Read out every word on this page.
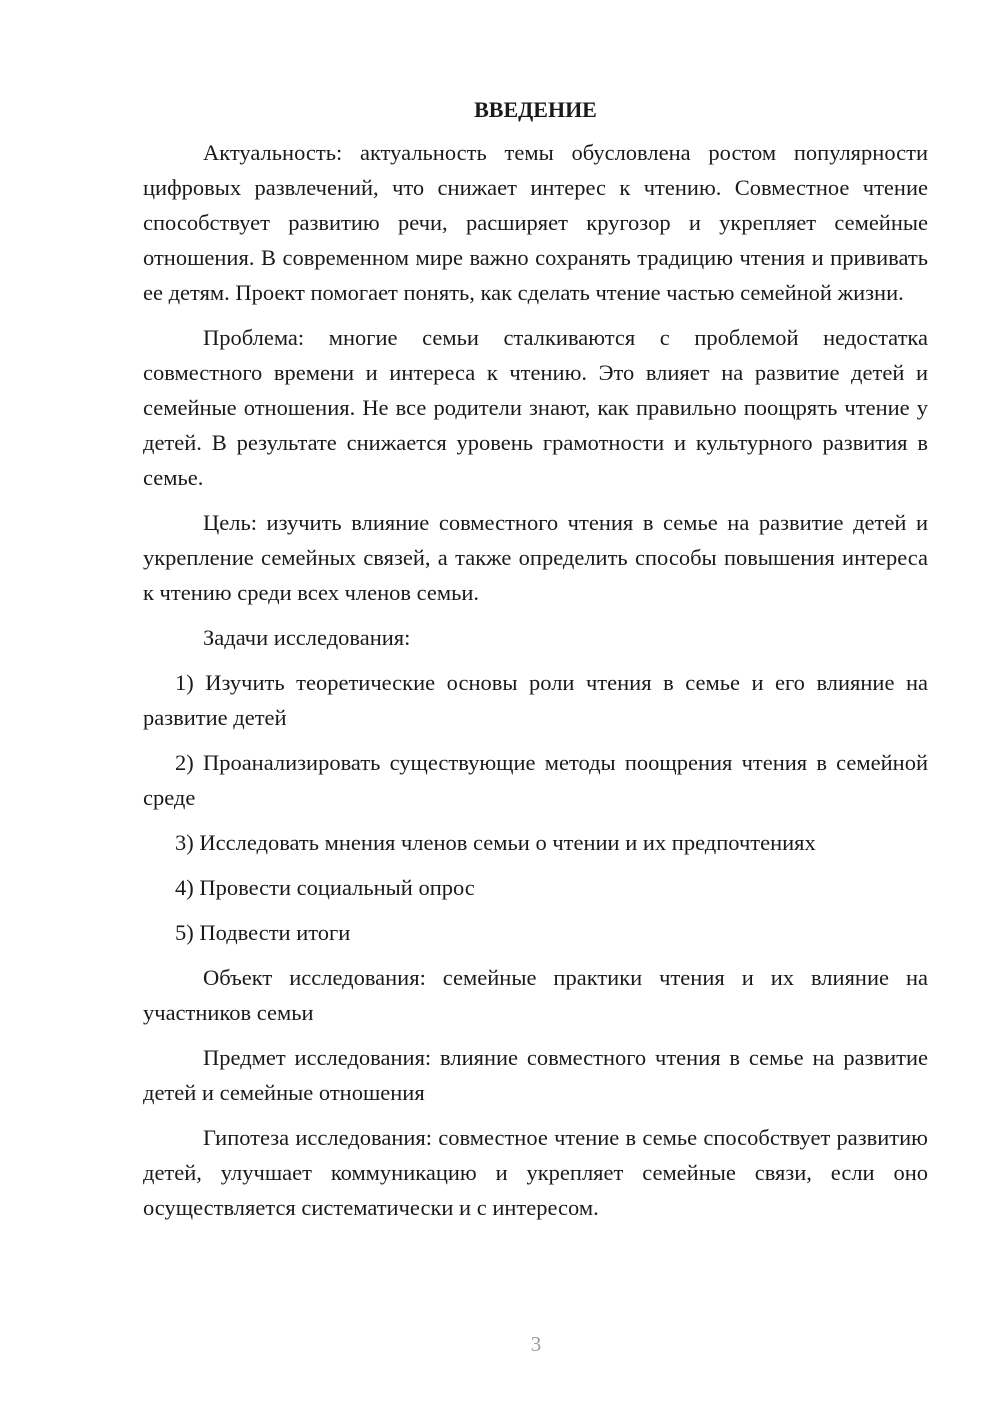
ВВЕДЕНИЕ

Актуальность: актуальность темы обусловлена ростом популярности цифровых развлечений, что снижает интерес к чтению. Совместное чтение способствует развитию речи, расширяет кругозор и укрепляет семейные отношения. В современном мире важно сохранять традицию чтения и прививать ее детям. Проект помогает понять, как сделать чтение частью семейной жизни.

Проблема: многие семьи сталкиваются с проблемой недостатка совместного времени и интереса к чтению. Это влияет на развитие детей и семейные отношения. Не все родители знают, как правильно поощрять чтение у детей. В результате снижается уровень грамотности и культурного развития в семье.

Цель: изучить влияние совместного чтения в семье на развитие детей и укрепление семейных связей, а также определить способы повышения интереса к чтению среди всех членов семьи.

Задачи исследования:

1) Изучить теоретические основы роли чтения в семье и его влияние на развитие детей

2) Проанализировать существующие методы поощрения чтения в семейной среде

3) Исследовать мнения членов семьи о чтении и их предпочтениях

4) Провести социальный опрос

5) Подвести итоги

Объект исследования: семейные практики чтения и их влияние на участников семьи

Предмет исследования: влияние совместного чтения в семье на развитие детей и семейные отношения

Гипотеза исследования: совместное чтение в семье способствует развитию детей, улучшает коммуникацию и укрепляет семейные связи, если оно осуществляется систематически и с интересом.

3
